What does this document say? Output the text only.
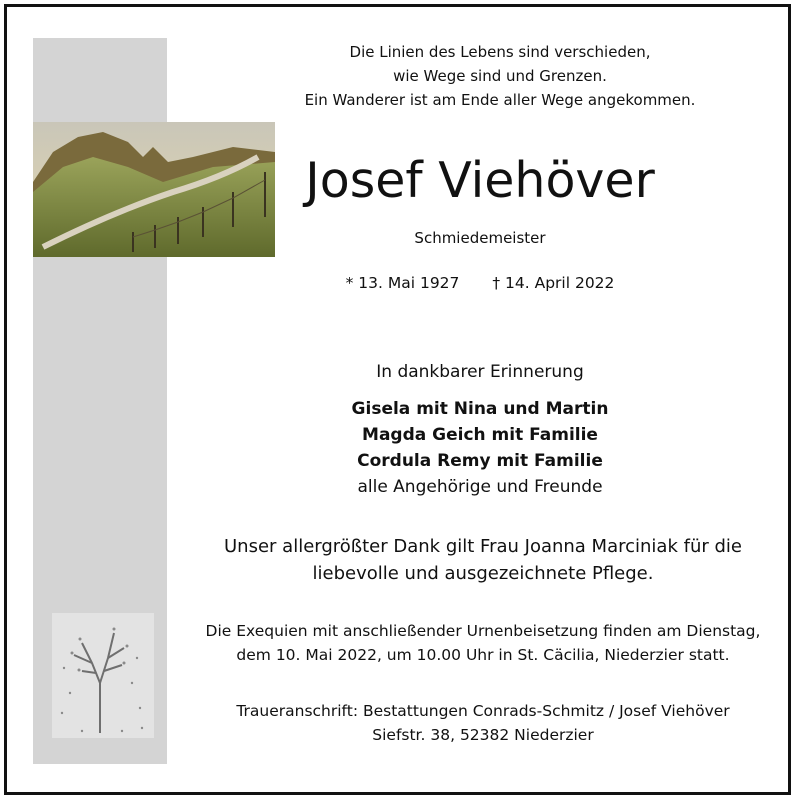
Die Linien des Lebens sind verschieden,
wie Wege sind und Grenzen.
Ein Wanderer ist am Ende aller Wege angekommen.
Josef Viehöver
Schmiedemeister
* 13. Mai 1927 † 14. April 2022
In dankbarer Erinnerung
Gisela mit Nina und Martin
Magda Geich mit Familie
Cordula Remy mit Familie
alle Angehörige und Freunde
Unser allergrößter Dank gilt Frau Joanna Marciniak für die
liebevolle und ausgezeichnete Pflege.
Die Exequien mit anschließender Urnenbeisetzung finden am Dienstag,
dem 10. Mai 2022, um 10.00 Uhr in St. Cäcilia, Niederzier statt.
Traueranschrift: Bestattungen Conrads-Schmitz / Josef Viehöver
Siefstr. 38, 52382 Niederzier
